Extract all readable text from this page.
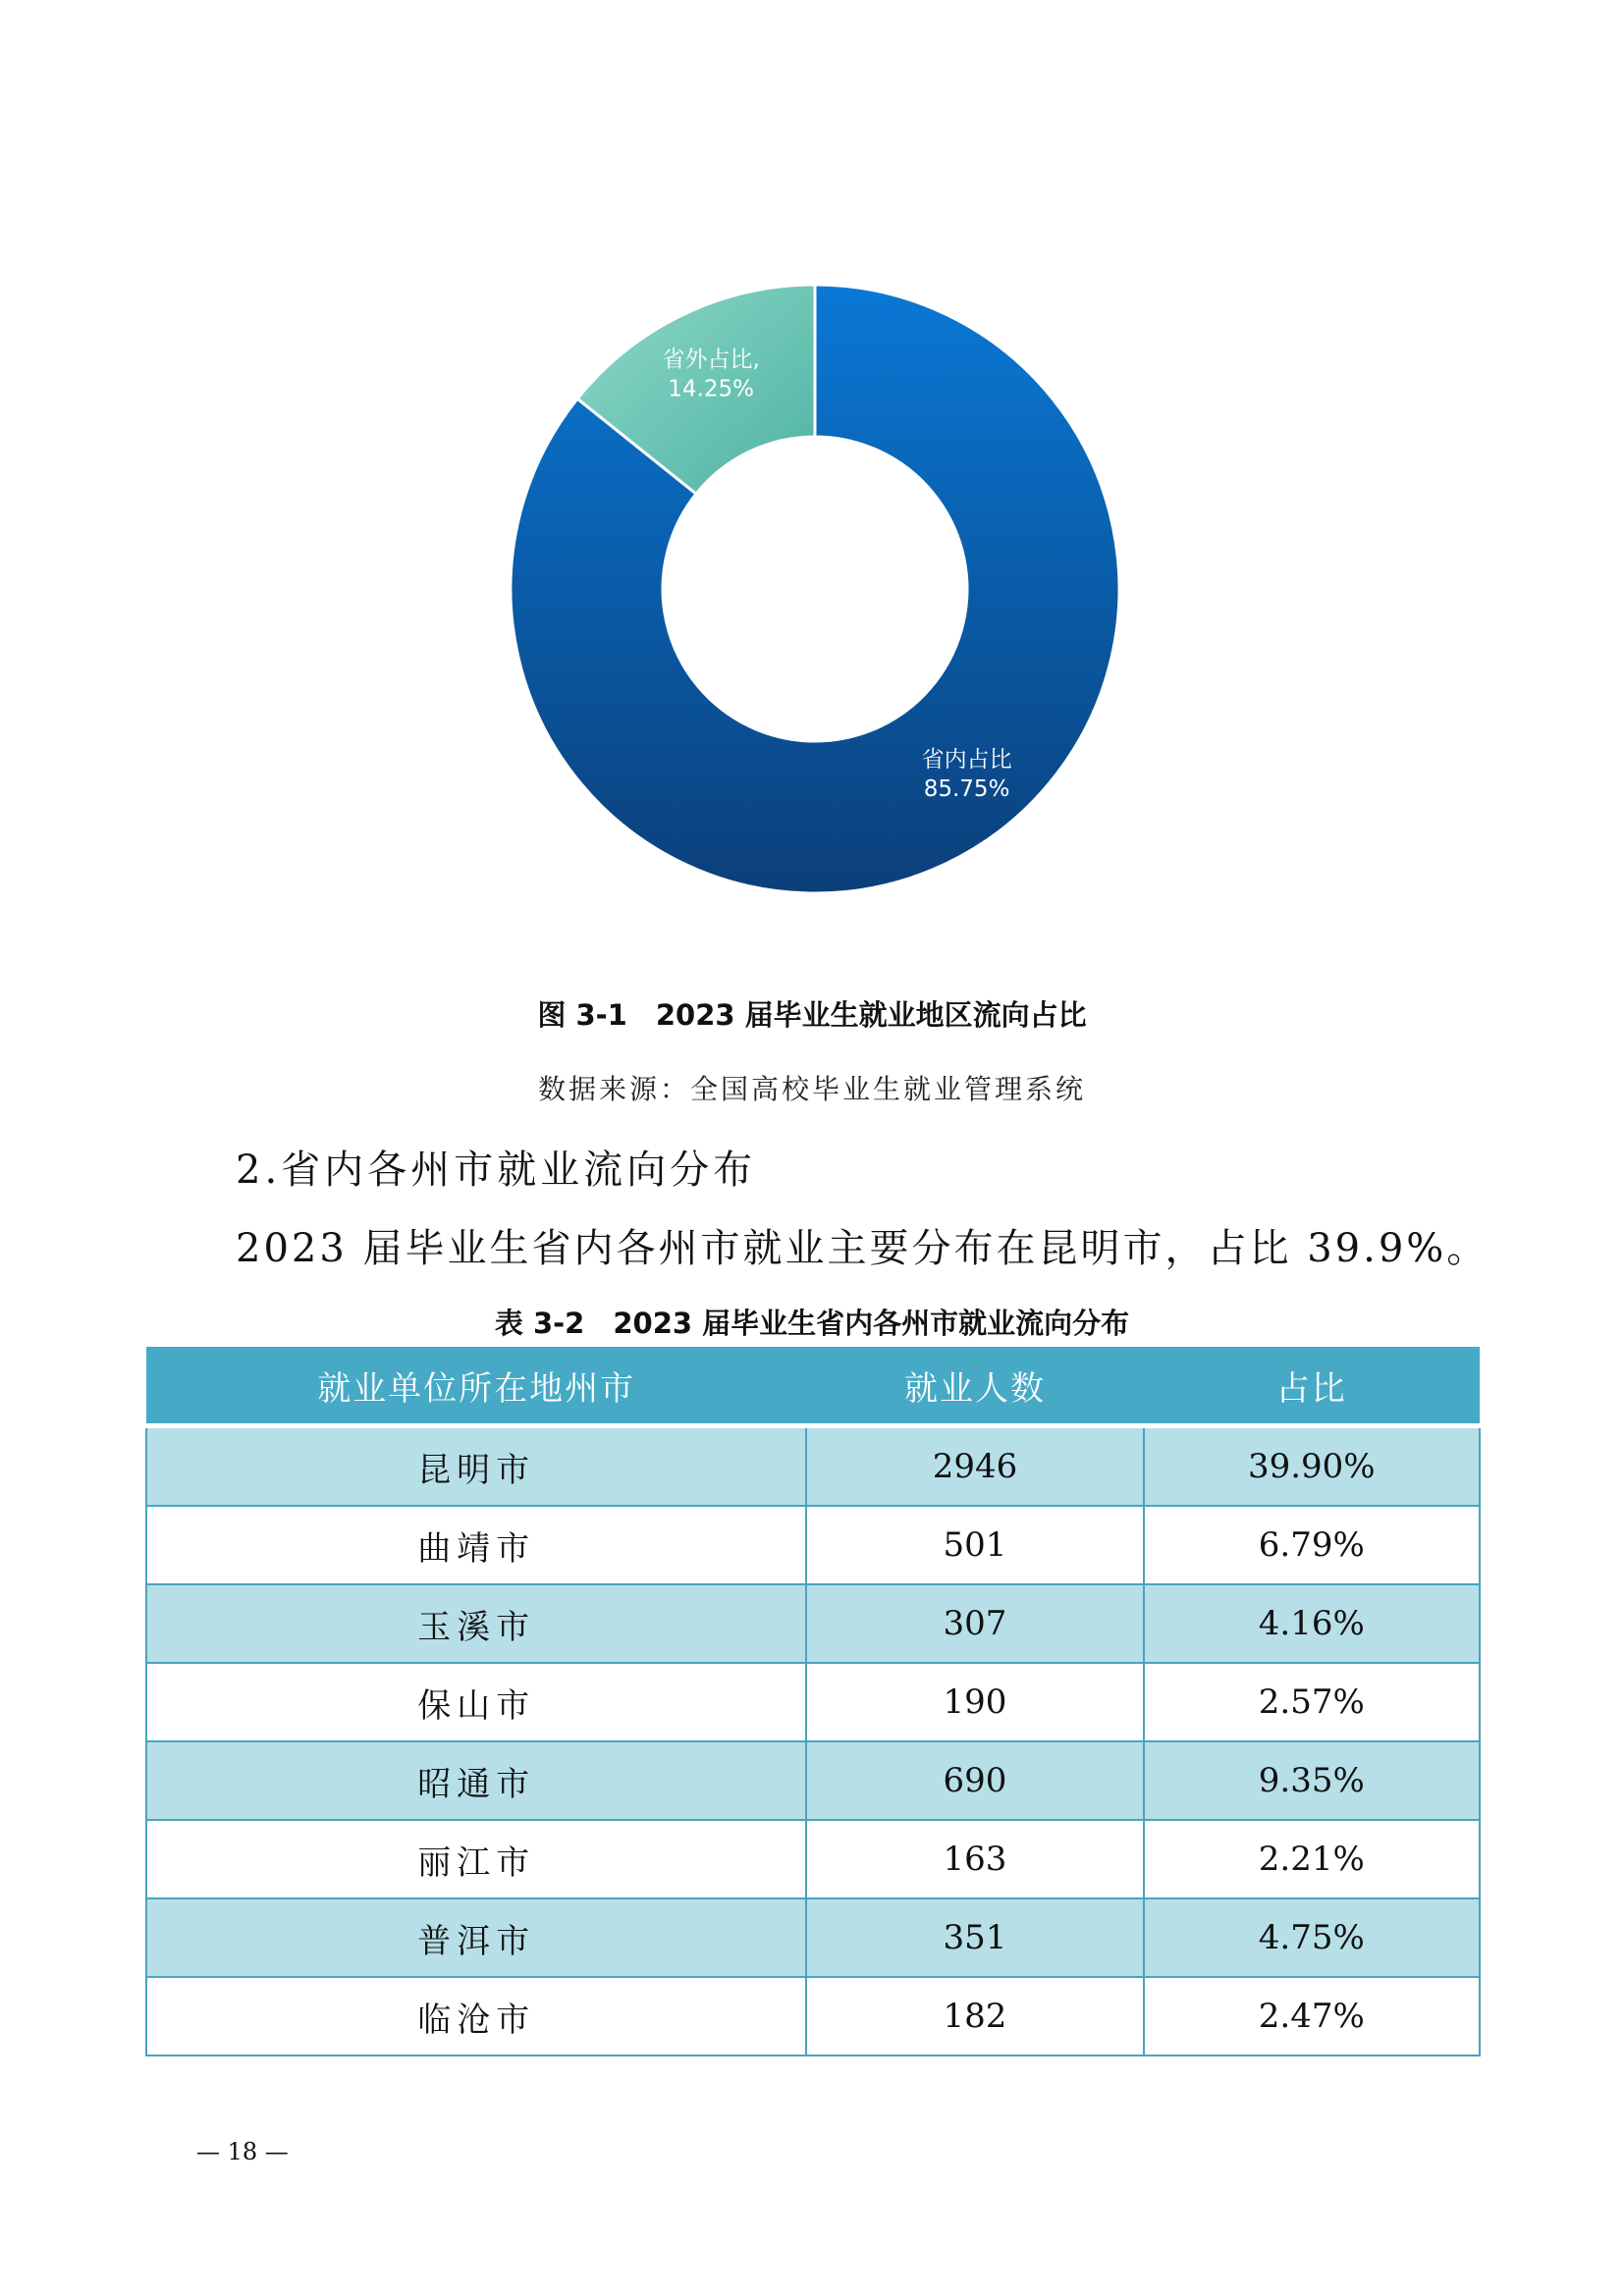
省内占比
85.75%
省外占比,
14.25%
图 3-1　2023 届毕业生就业地区流向占比
数据来源：全国高校毕业生就业管理系统
2.省内各州市就业流向分布
2023 届毕业生省内各州市就业主要分布在昆明市，占比 39.9%。
表 3-2　2023 届毕业生省内各州市就业流向分布
就业单位所在地州市	就业人数	占比
昆明市	2946	39.90%
曲靖市	501	6.79%
玉溪市	307	4.16%
保山市	190	2.57%
昭通市	690	9.35%
丽江市	163	2.21%
普洱市	351	4.75%
临沧市	182	2.47%
— 18 —
